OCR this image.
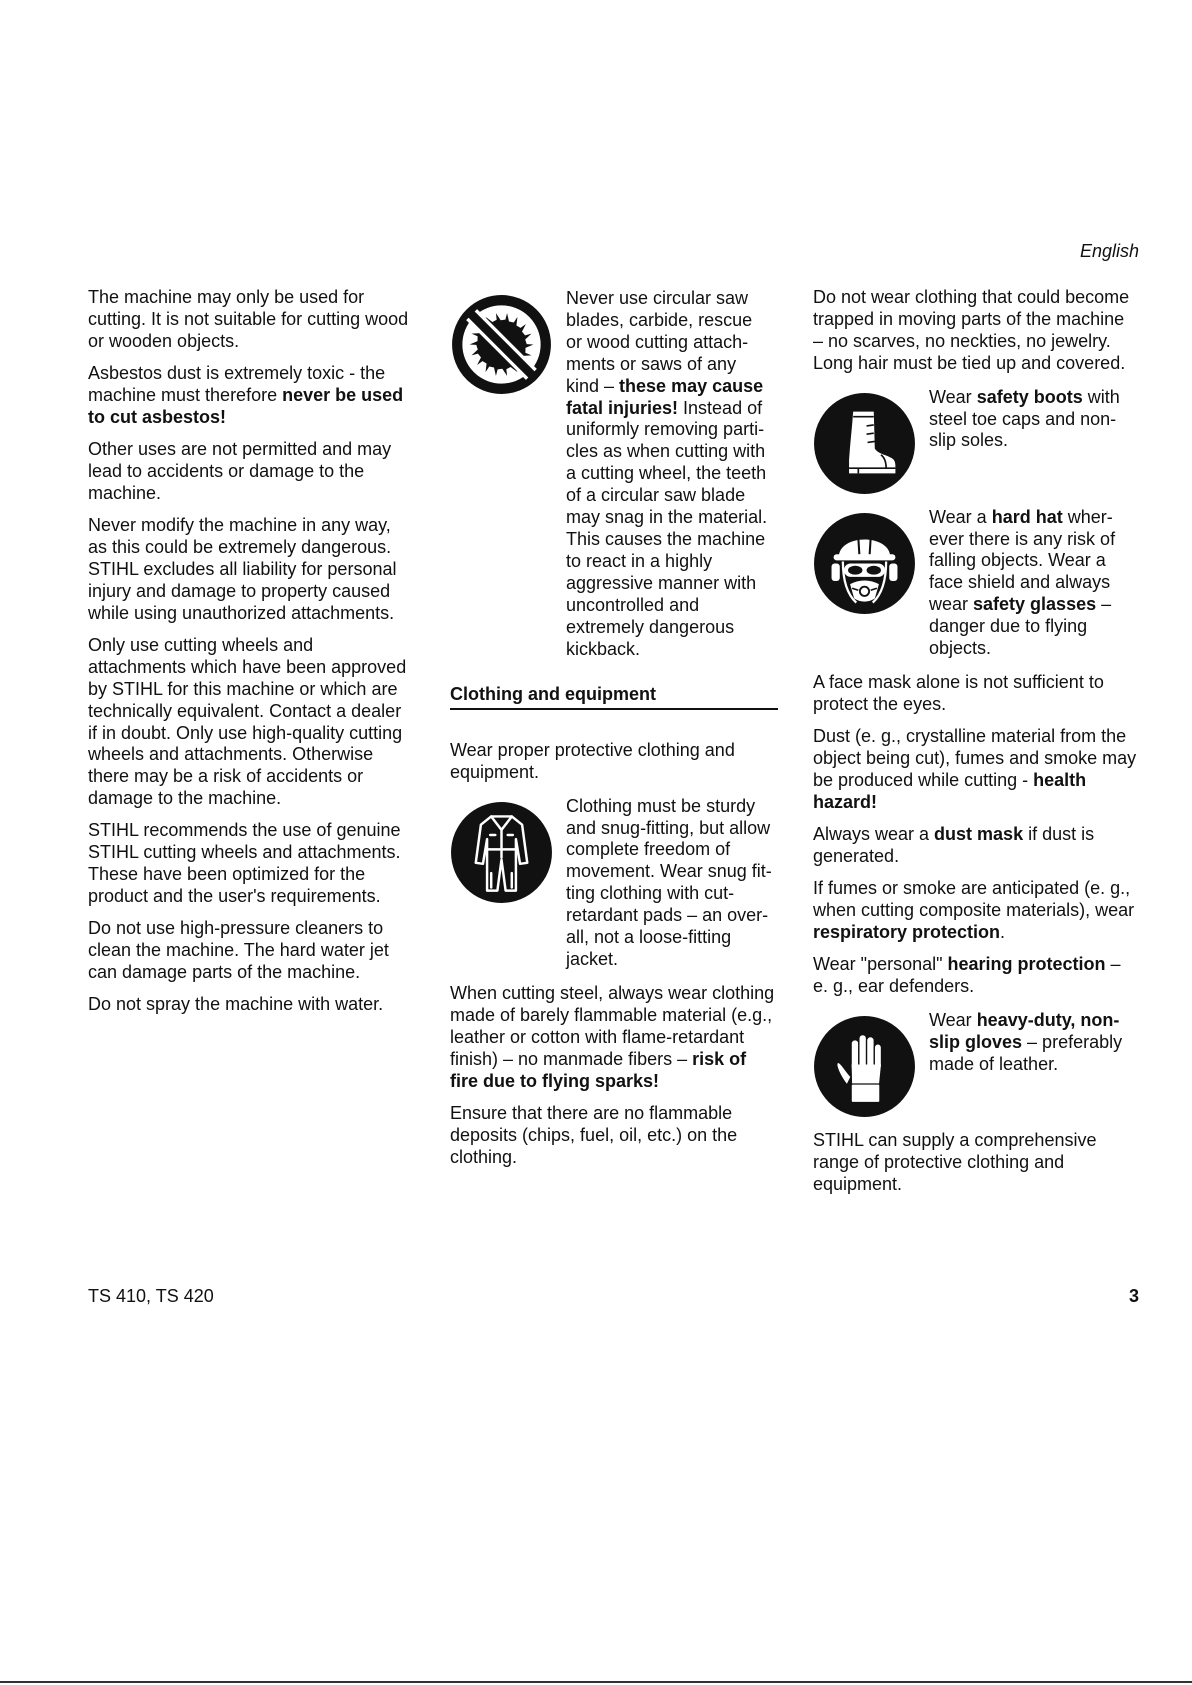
English
The machine may only be used for
cutting. It is not suitable for cutting wood
or wooden objects.
Asbestos dust is extremely toxic - the
machine must therefore never be used
to cut asbestos!
Other uses are not permitted and may
lead to accidents or damage to the
machine.
Never modify the machine in any way,
as this could be extremely dangerous.
STIHL excludes all liability for personal
injury and damage to property caused
while using unauthorized attachments.
Only use cutting wheels and
attachments which have been approved
by STIHL for this machine or which are
technically equivalent. Contact a dealer
if in doubt. Only use high-quality cutting
wheels and attachments. Otherwise
there may be a risk of accidents or
damage to the machine.
STIHL recommends the use of genuine
STIHL cutting wheels and attachments.
These have been optimized for the
product and the user's requirements.
Do not use high-pressure cleaners to
clean the machine. The hard water jet
can damage parts of the machine.
Do not spray the machine with water.
Never use circular saw
blades, carbide, rescue
or wood cutting attach-
ments or saws of any
kind – these may cause
fatal injuries! Instead of
uniformly removing parti-
cles as when cutting with
a cutting wheel, the teeth
of a circular saw blade
may snag in the material.
This causes the machine
to react in a highly
aggressive manner with
uncontrolled and
extremely dangerous
kickback.
Clothing and equipment
Wear proper protective clothing and
equipment.
Clothing must be sturdy
and snug-fitting, but allow
complete freedom of
movement. Wear snug fit-
ting clothing with cut-
retardant pads – an over-
all, not a loose-fitting
jacket.
When cutting steel, always wear clothing
made of barely flammable material (e.g.,
leather or cotton with flame-retardant
finish) – no manmade fibers – risk of
fire due to flying sparks!
Ensure that there are no flammable
deposits (chips, fuel, oil, etc.) on the
clothing.
Do not wear clothing that could become
trapped in moving parts of the machine
– no scarves, no neckties, no jewelry.
Long hair must be tied up and covered.
Wear safety boots with
steel toe caps and non-
slip soles.
Wear a hard hat wher-
ever there is any risk of
falling objects. Wear a
face shield and always
wear safety glasses –
danger due to flying
objects.
A face mask alone is not sufficient to
protect the eyes.
Dust (e. g., crystalline material from the
object being cut), fumes and smoke may
be produced while cutting - health
hazard!
Always wear a dust mask if dust is
generated.
If fumes or smoke are anticipated (e. g.,
when cutting composite materials), wear
respiratory protection.
Wear "personal" hearing protection –
e. g., ear defenders.
Wear heavy-duty, non-
slip gloves – preferably
made of leather.
STIHL can supply a comprehensive
range of protective clothing and
equipment.
TS 410, TS 420	3
